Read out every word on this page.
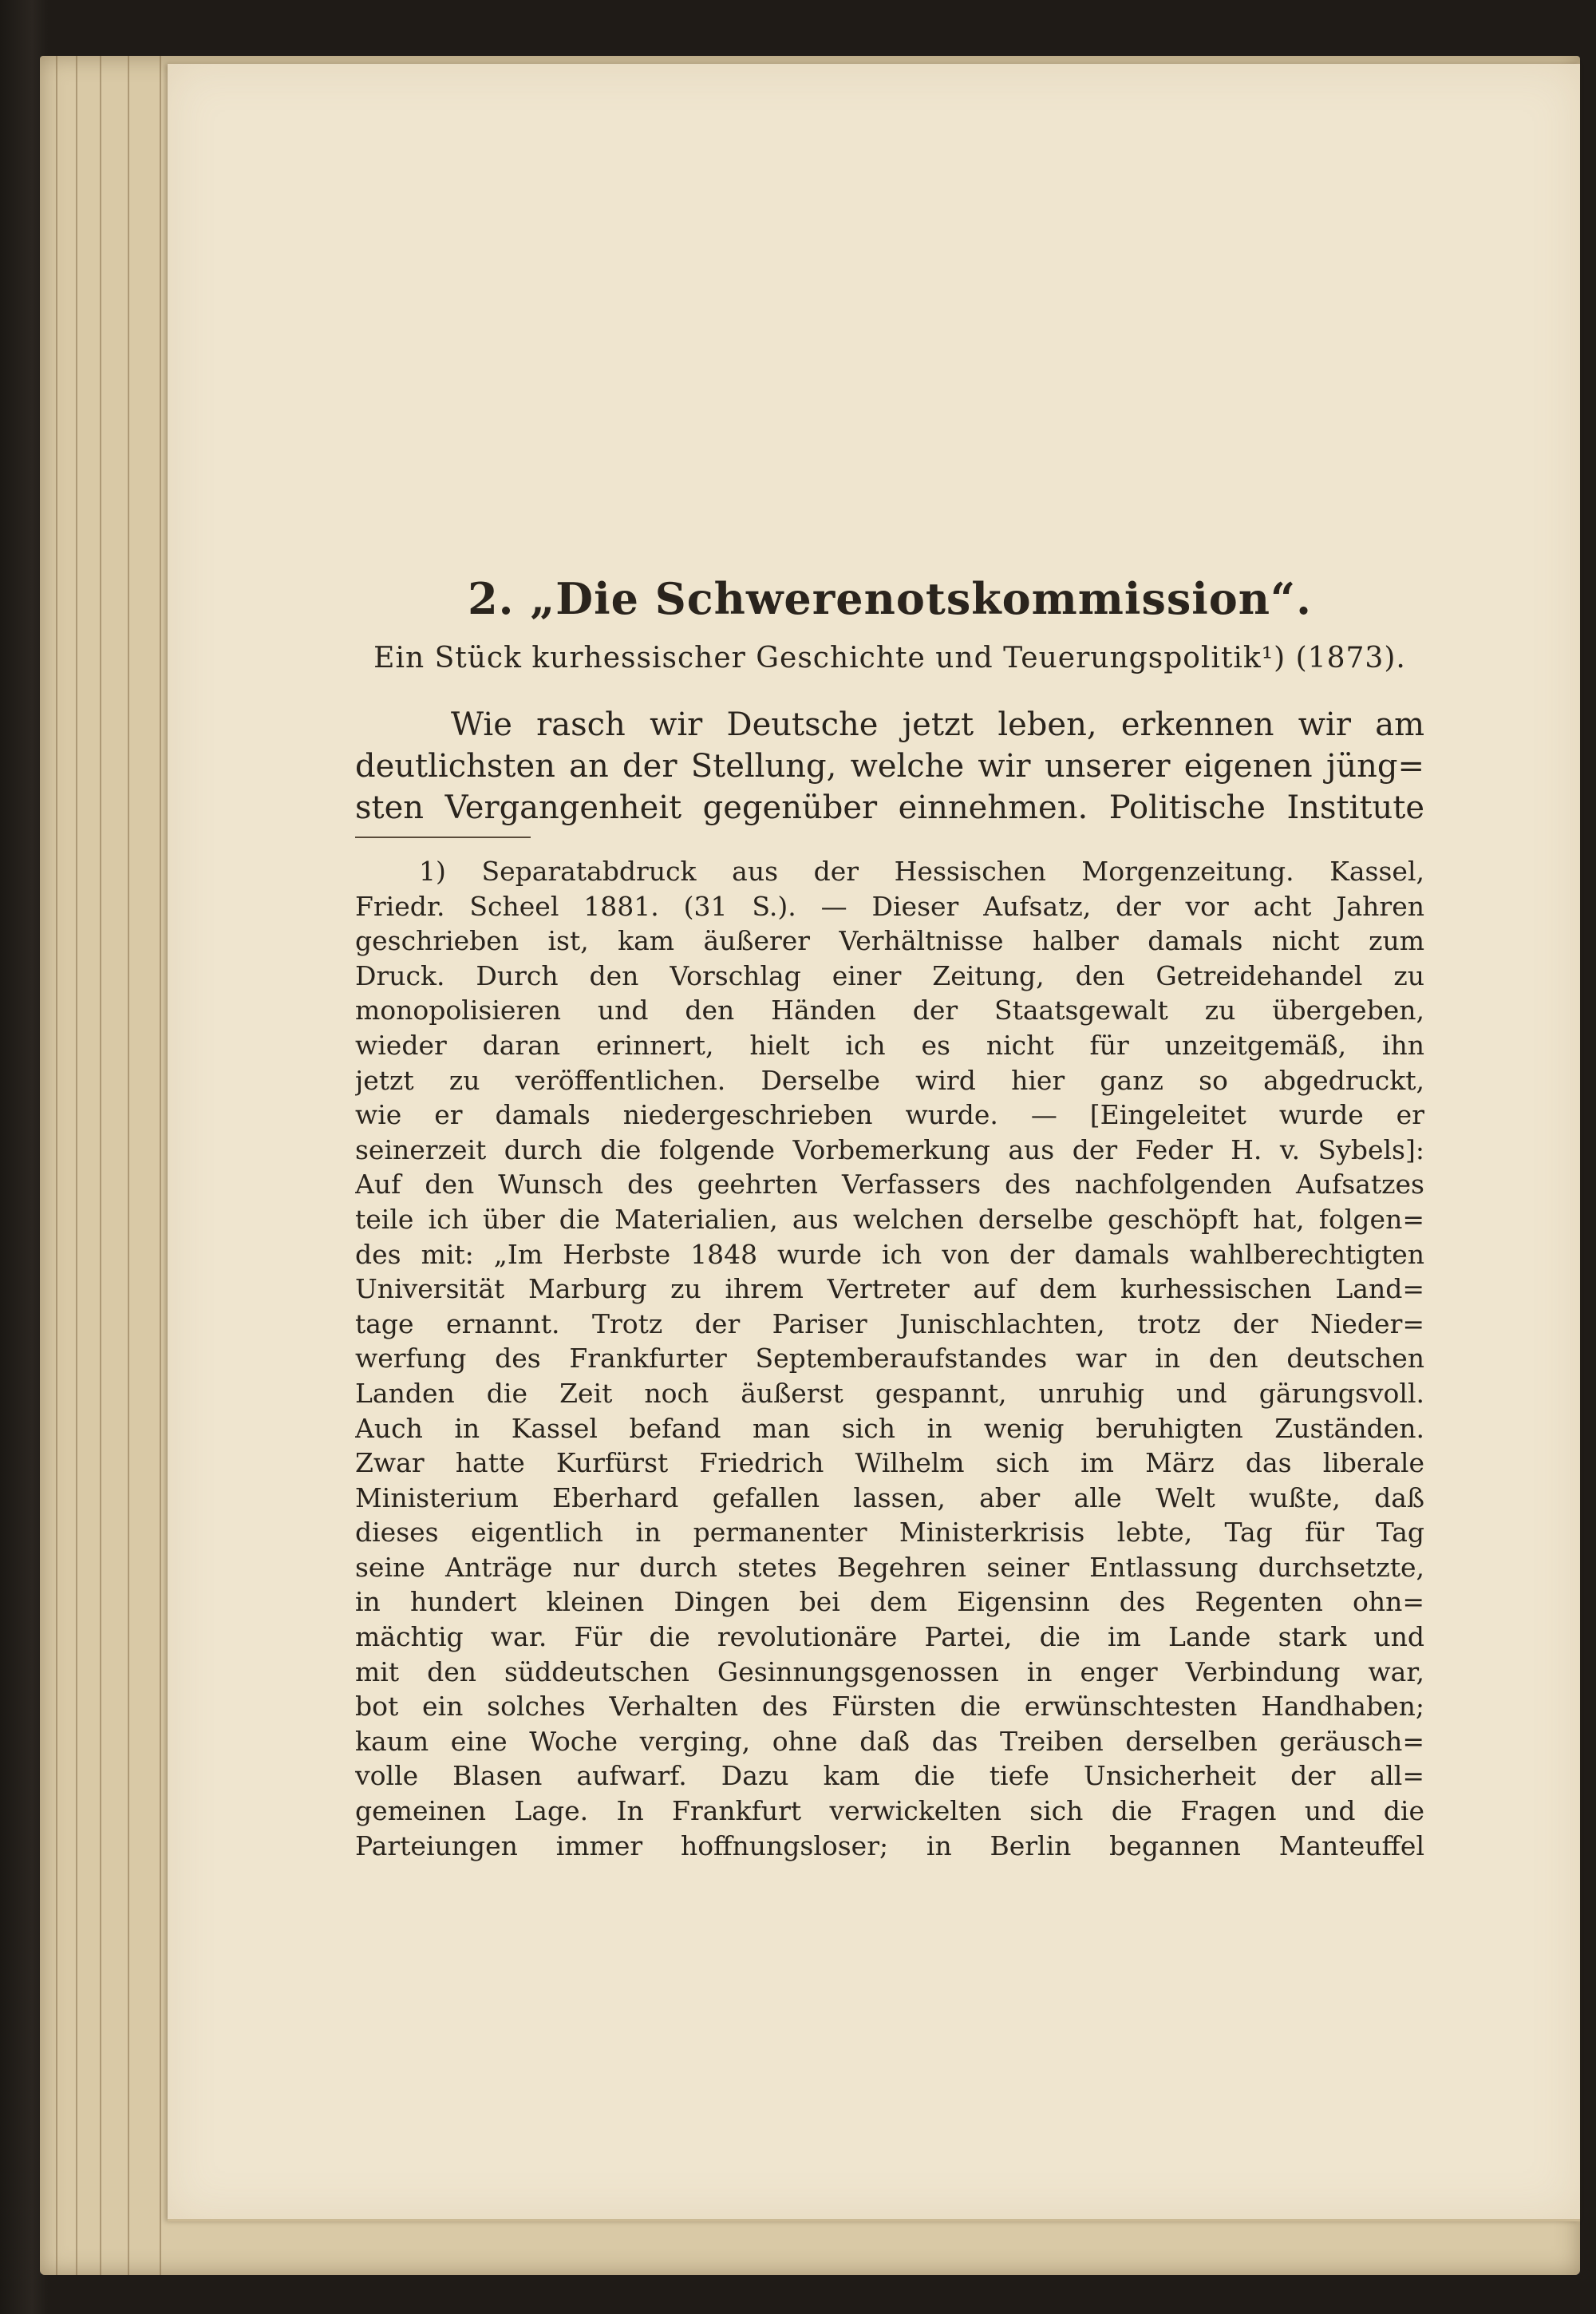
2. „Die Schwerenotskommission“.
Ein Stück kurhessischer Geschichte und Teuerungspolitik¹) (1873).
Wie rasch wir Deutsche jetzt leben, erkennen wir am
deutlichsten an der Stellung, welche wir unserer eigenen jüng=
sten Vergangenheit gegenüber einnehmen. Politische Institute
1) Separatabdruck aus der Hessischen Morgenzeitung. Kassel,
Friedr. Scheel 1881. (31 S.). — Dieser Aufsatz, der vor acht Jahren
geschrieben ist, kam äußerer Verhältnisse halber damals nicht zum
Druck. Durch den Vorschlag einer Zeitung, den Getreidehandel zu
monopolisieren und den Händen der Staatsgewalt zu übergeben,
wieder daran erinnert, hielt ich es nicht für unzeitgemäß, ihn
jetzt zu veröffentlichen. Derselbe wird hier ganz so abgedruckt,
wie er damals niedergeschrieben wurde. — [Eingeleitet wurde er
seinerzeit durch die folgende Vorbemerkung aus der Feder H. v. Sybels]:
Auf den Wunsch des geehrten Verfassers des nachfolgenden Aufsatzes
teile ich über die Materialien, aus welchen derselbe geschöpft hat, folgen=
des mit: „Im Herbste 1848 wurde ich von der damals wahlberechtigten
Universität Marburg zu ihrem Vertreter auf dem kurhessischen Land=
tage ernannt. Trotz der Pariser Junischlachten, trotz der Nieder=
werfung des Frankfurter Septemberaufstandes war in den deutschen
Landen die Zeit noch äußerst gespannt, unruhig und gärungsvoll.
Auch in Kassel befand man sich in wenig beruhigten Zuständen.
Zwar hatte Kurfürst Friedrich Wilhelm sich im März das liberale
Ministerium Eberhard gefallen lassen, aber alle Welt wußte, daß
dieses eigentlich in permanenter Ministerkrisis lebte, Tag für Tag
seine Anträge nur durch stetes Begehren seiner Entlassung durchsetzte,
in hundert kleinen Dingen bei dem Eigensinn des Regenten ohn=
mächtig war. Für die revolutionäre Partei, die im Lande stark und
mit den süddeutschen Gesinnungsgenossen in enger Verbindung war,
bot ein solches Verhalten des Fürsten die erwünschtesten Handhaben;
kaum eine Woche verging, ohne daß das Treiben derselben geräusch=
volle Blasen aufwarf. Dazu kam die tiefe Unsicherheit der all=
gemeinen Lage. In Frankfurt verwickelten sich die Fragen und die
Parteiungen immer hoffnungsloser; in Berlin begannen Manteuffel
